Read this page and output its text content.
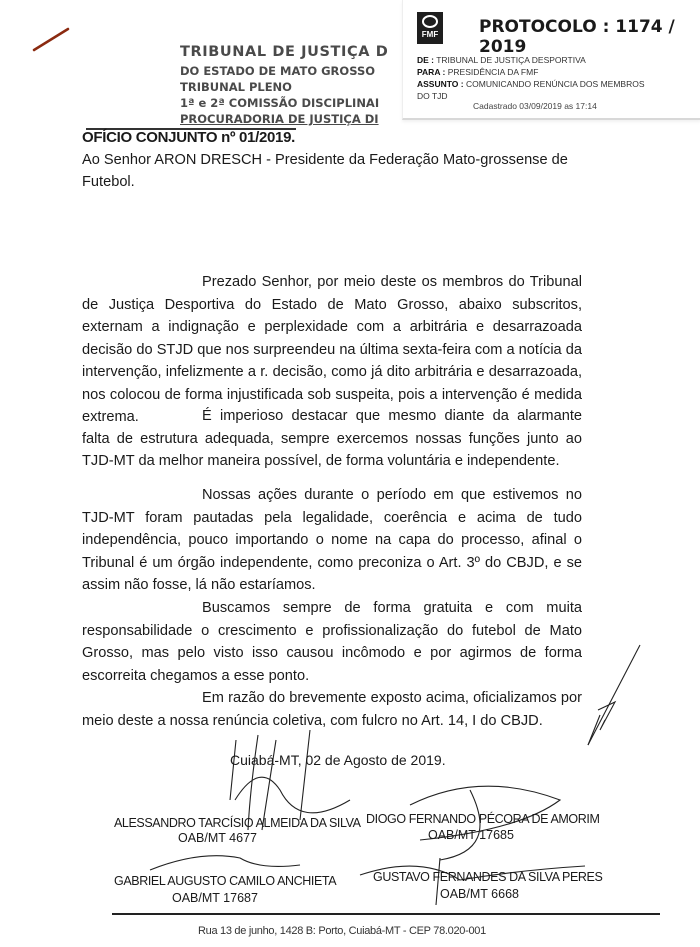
TRIBUNAL DE JUSTIÇA D
DO ESTADO DE MATO GROSSO
TRIBUNAL PLENO
1ª e 2ª COMISSÃO DISCIPLINAI
PROCURADORIA DE JUSTIÇA DI
FMF PROTOCOLO : 1174 / 2019
DE : TRIBUNAL DE JUSTIÇA DESPORTIVA
PARA : PRESIDÊNCIA DA FMF
ASSUNTO : COMUNICANDO RENÚNCIA DOS MEMBROS
DO TJD
Cadastrado 03/09/2019 as 17:14
OFÍCIO CONJUNTO nº 01/2019.
Ao Senhor ARON DRESCH - Presidente da Federação Mato-grossense de Futebol.

Prezado Senhor, por meio deste os membros do Tribunal de Justiça Desportiva do Estado de Mato Grosso, abaixo subscritos, externam a indignação e perplexidade com a arbitrária e desarrazoada decisão do STJD que nos surpreendeu na última sexta-feira com a notícia da intervenção, infelizmente a r. decisão, como já dito arbitrária e desarrazoada, nos colocou de forma injustificada sob suspeita, pois a intervenção é medida extrema.	É imperioso destacar que mesmo diante da alarmante falta de estrutura adequada, sempre exercemos nossas funções junto ao TJD-MT da melhor maneira possível, de forma voluntária e independente.

Nossas ações durante o período em que estivemos no TJD-MT foram pautadas pela legalidade, coerência e acima de tudo independência, pouco importando o nome na capa do processo, afinal o Tribunal é um órgão independente, como preconiza o Art. 3º do CBJD, e se assim não fosse, lá não estaríamos.

Buscamos sempre de forma gratuita e com muita responsabilidade o crescimento e profissionalização do futebol de Mato Grosso, mas pelo visto isso causou incômodo e por agirmos de forma escorreita chegamos a esse ponto.

Em razão do brevemente exposto acima, oficializamos por meio deste a nossa renúncia coletiva, com fulcro no Art. 14, I do CBJD.

Cuiabá-MT, 02 de Agosto de 2019.
ALESSANDRO TARCÍSIO ALMEIDA DA SILVA
OAB/MT 4677
DIOGO FERNANDO PÉCORA DE AMORIM
OAB/MT 17685
GABRIEL AUGUSTO CAMILO ANCHIETA
OAB/MT 17687
GUSTAVO FERNANDES DA SILVA PERES
OAB/MT 6668
Rua 13 de junho, 1428 B: Porto, Cuiabá-MT - CEP 78.020-001
